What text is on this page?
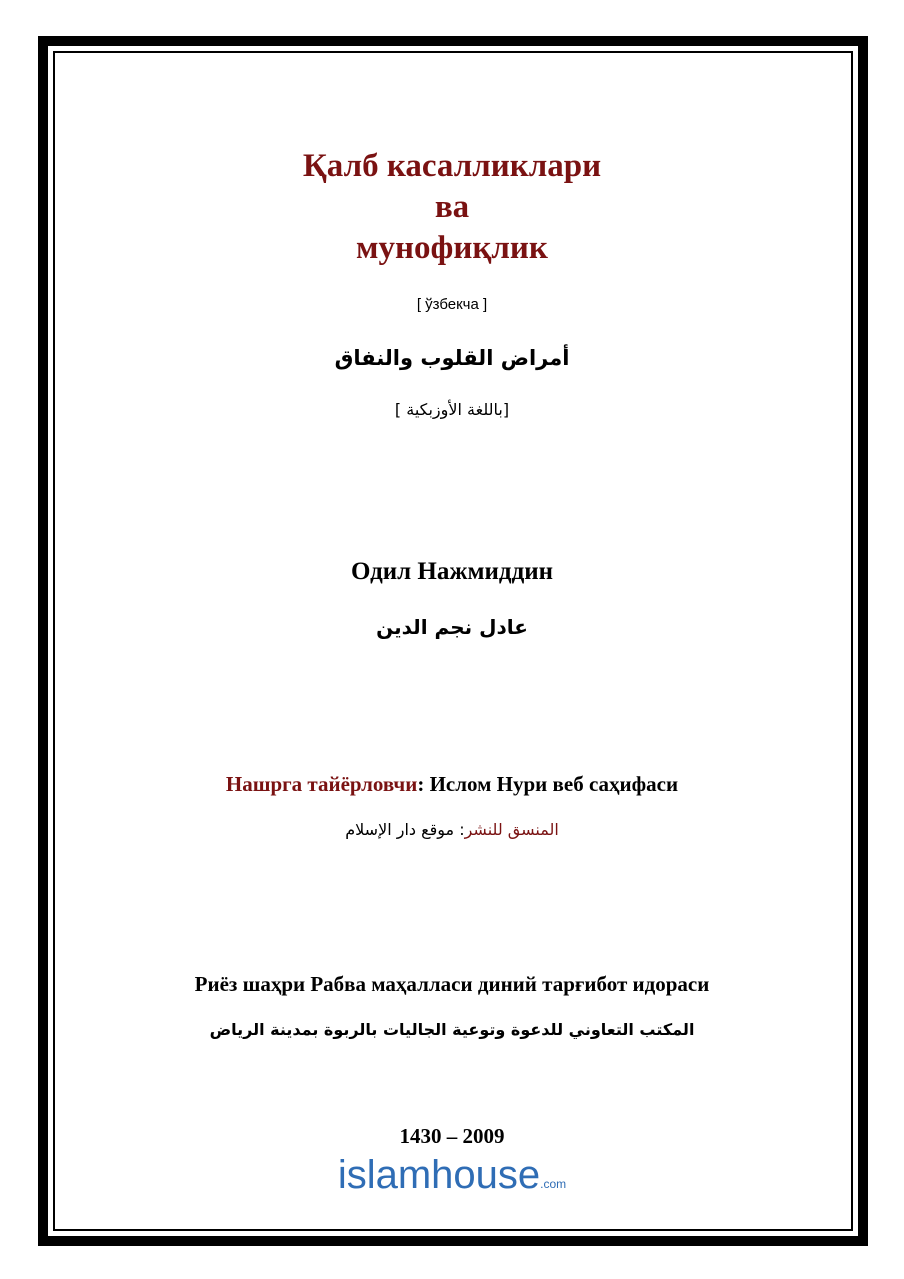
Қалб касалликлари
ва
мунофиқлик
[ ўзбекча ]
أمراض القلوب والنفاق
[باللغة الأوزبكية ]
Одил Нажмиддин
عادل نجم الدين
Нашрга тайёрловчи: Ислом Нури веб саҳифаси
المنسق للنشر: موقع دار الإسلام
Риёз шаҳри Рабва маҳалласи диний тарғибот идораси
المكتب التعاوني للدعوة وتوعية الجاليات بالربوة بمدينة الرياض
1430 – 2009
islamhouse.com
